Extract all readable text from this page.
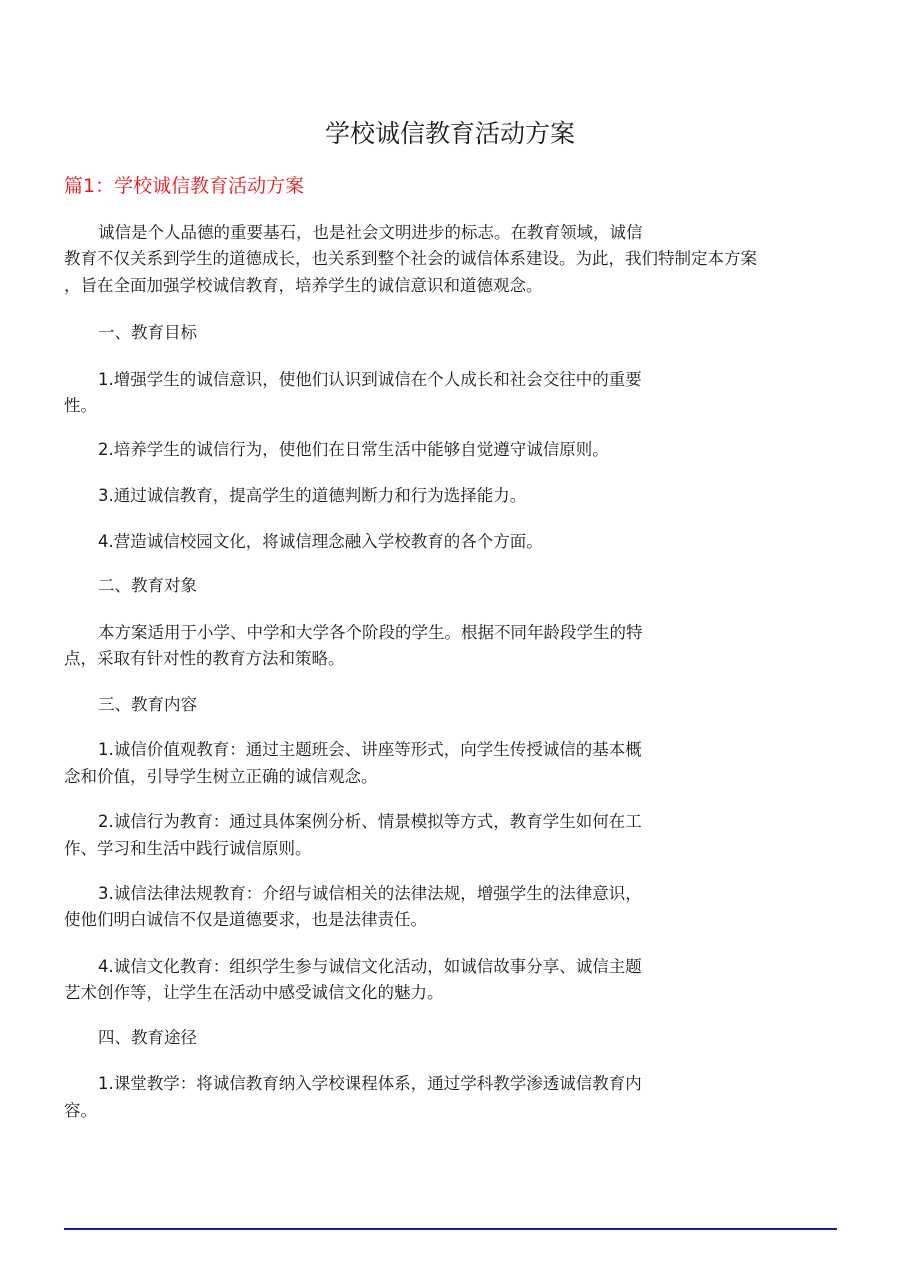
学校诚信教育活动方案
篇1：学校诚信教育活动方案

诚信是个人品德的重要基石，也是社会文明进步的标志。在教育领域，诚信

教育不仅关系到学生的道德成长，也关系到整个社会的诚信体系建设。为此，我们特制定本方案

，旨在全面加强学校诚信教育，培养学生的诚信意识和道德观念。

一、教育目标

1.增强学生的诚信意识，使他们认识到诚信在个人成长和社会交往中的重要

性。

2.培养学生的诚信行为，使他们在日常生活中能够自觉遵守诚信原则。

3.通过诚信教育，提高学生的道德判断力和行为选择能力。

4.营造诚信校园文化，将诚信理念融入学校教育的各个方面。

二、教育对象

本方案适用于小学、中学和大学各个阶段的学生。根据不同年龄段学生的特

点，采取有针对性的教育方法和策略。

三、教育内容

1.诚信价值观教育：通过主题班会、讲座等形式，向学生传授诚信的基本概

念和价值，引导学生树立正确的诚信观念。

2.诚信行为教育：通过具体案例分析、情景模拟等方式，教育学生如何在工

作、学习和生活中践行诚信原则。

3.诚信法律法规教育：介绍与诚信相关的法律法规，增强学生的法律意识，

使他们明白诚信不仅是道德要求，也是法律责任。

4.诚信文化教育：组织学生参与诚信文化活动，如诚信故事分享、诚信主题

艺术创作等，让学生在活动中感受诚信文化的魅力。

四、教育途径

1.课堂教学：将诚信教育纳入学校课程体系，通过学科教学渗透诚信教育内

容。
